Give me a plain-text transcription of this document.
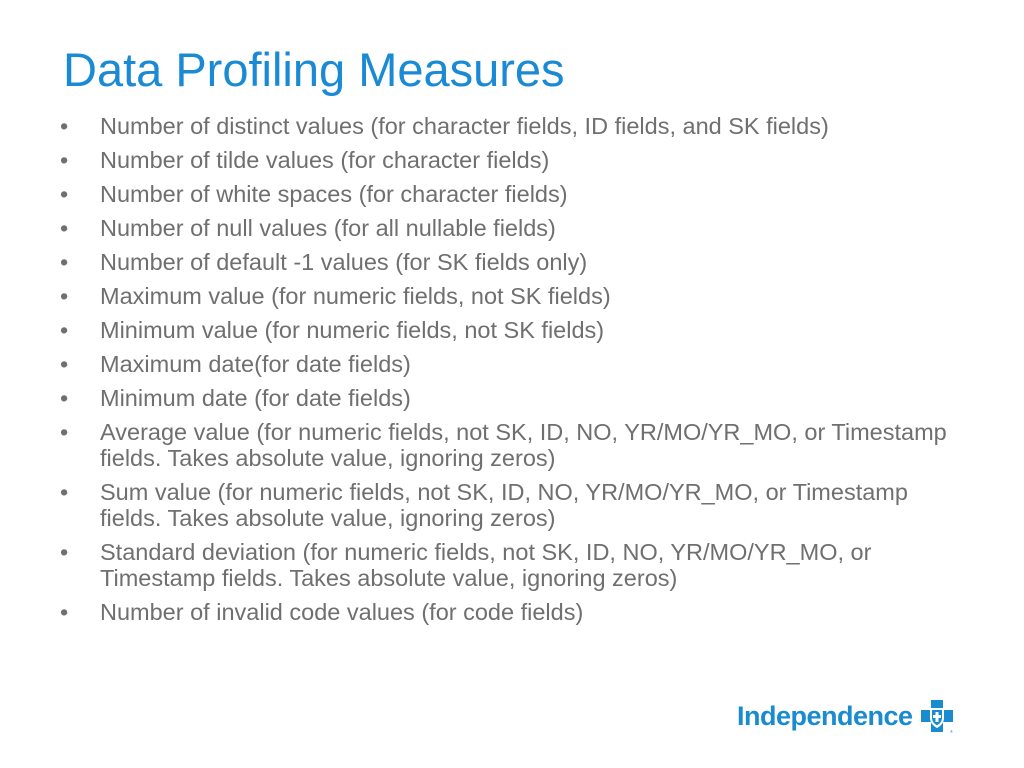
Data Profiling Measures
•	Number of distinct values (for character fields, ID fields, and SK fields)
•	Number of tilde values (for character fields)
•	Number of white spaces (for character fields)
•	Number of null values (for all nullable fields)
•	Number of default -1 values (for SK fields only)
•	Maximum value (for numeric fields, not SK fields)
•	Minimum value (for numeric fields, not SK fields)
•	Maximum date(for date fields)
•	Minimum date (for date fields)
•	Average value (for numeric fields, not SK, ID, NO, YR/MO/YR_MO, or Timestamp fields. Takes absolute value, ignoring zeros)
•	Sum value (for numeric fields, not SK, ID, NO, YR/MO/YR_MO, or Timestamp fields. Takes absolute value, ignoring zeros)
•	Standard deviation (for numeric fields, not SK, ID, NO, YR/MO/YR_MO, or Timestamp fields. Takes absolute value, ignoring zeros)
•	Number of invalid code values (for code fields)
Independence
®
